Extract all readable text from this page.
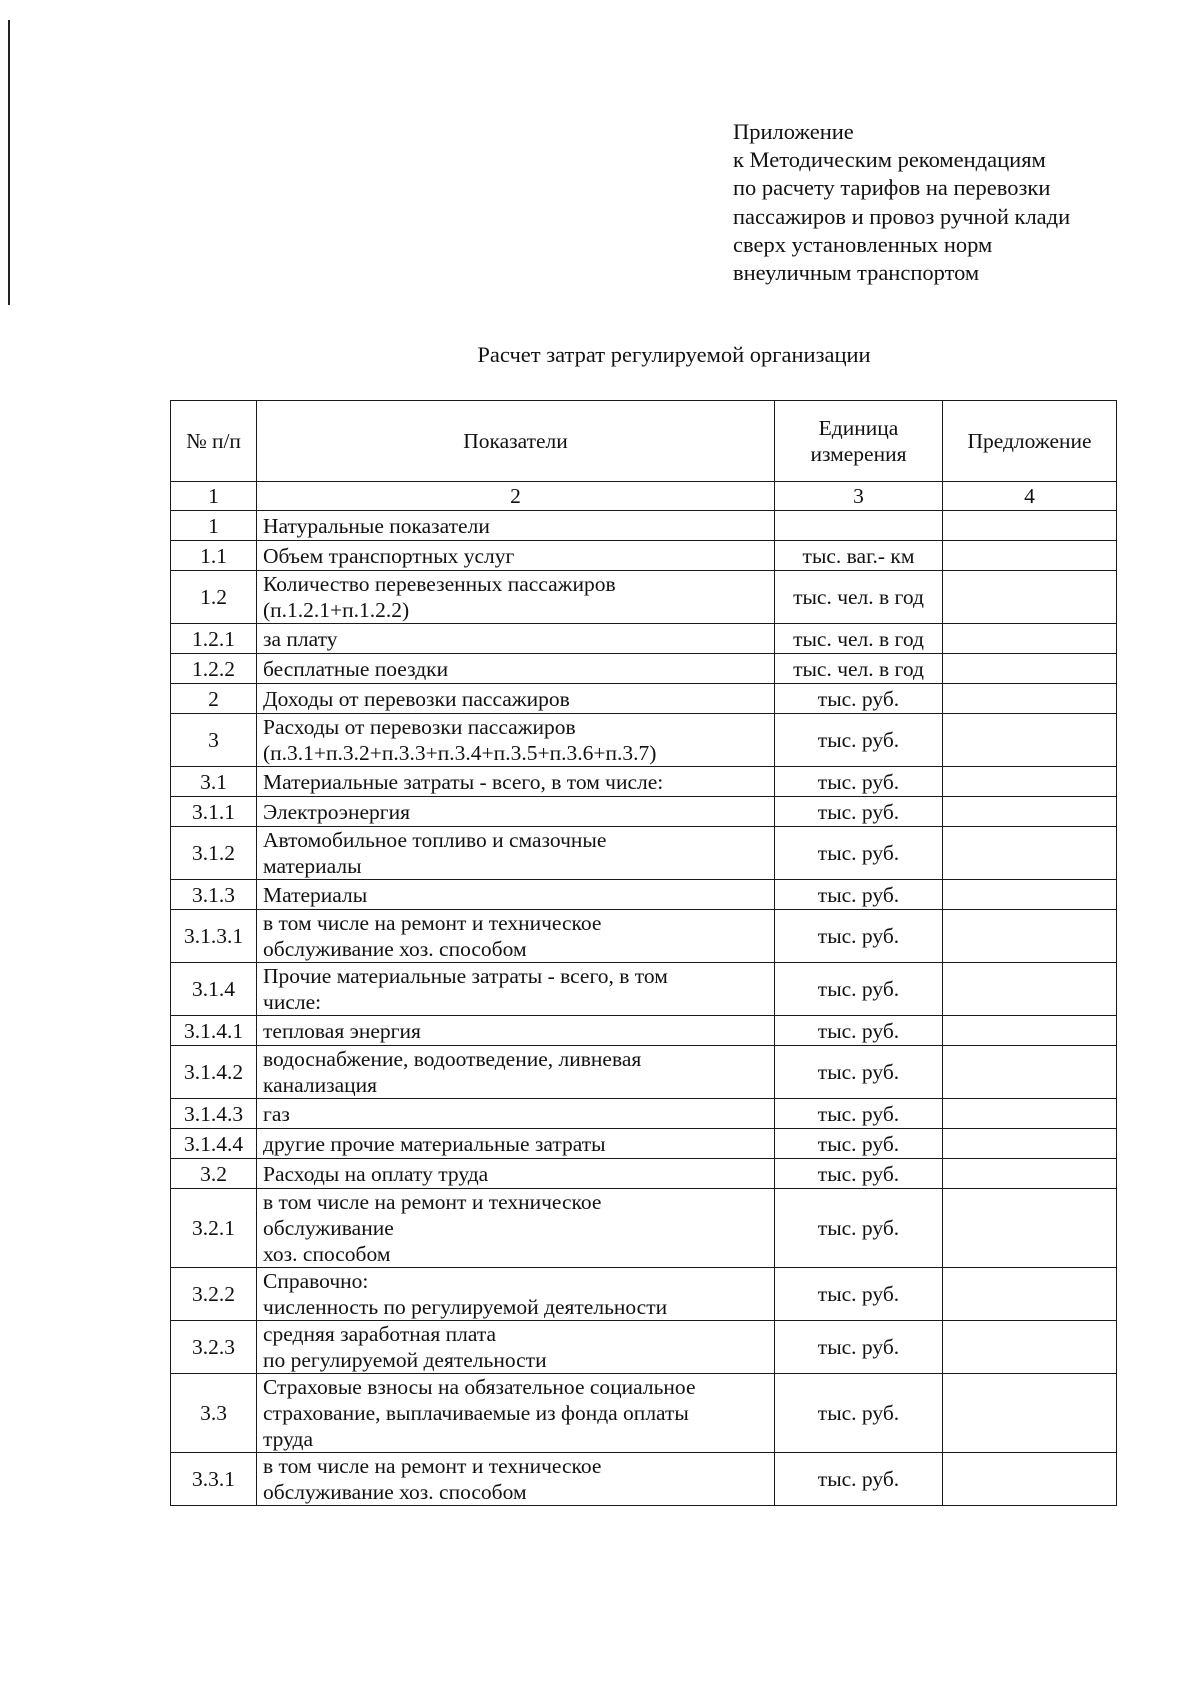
Приложение
к Методическим рекомендациям
по расчету тарифов на перевозки
пассажиров и провоз ручной клади
сверх установленных норм
внеуличным транспортом
Расчет затрат регулируемой организации
№ п/п	Показатели	Единица
измерения	Предложение
1	2	3	4
1	Натуральные показатели		
1.1	Объем транспортных услуг	тыс. ваг.- км	
1.2	Количество перевезенных пассажиров
(п.1.2.1+п.1.2.2)	тыс. чел. в год	
1.2.1	за плату	тыс. чел. в год	
1.2.2	бесплатные поездки	тыс. чел. в год	
2	Доходы от перевозки пассажиров	тыс. руб.	
3	Расходы от перевозки пассажиров
(п.3.1+п.3.2+п.3.3+п.3.4+п.3.5+п.3.6+п.3.7)	тыс. руб.	
3.1	Материальные затраты - всего, в том числе:	тыс. руб.	
3.1.1	Электроэнергия	тыс. руб.	
3.1.2	Автомобильное топливо и смазочные
материалы	тыс. руб.	
3.1.3	Материалы	тыс. руб.	
3.1.3.1	в том числе на ремонт и техническое
обслуживание хоз. способом	тыс. руб.	
3.1.4	Прочие материальные затраты - всего, в том
числе:	тыс. руб.	
3.1.4.1	тепловая энергия	тыс. руб.	
3.1.4.2	водоснабжение, водоотведение, ливневая
канализация	тыс. руб.	
3.1.4.3	газ	тыс. руб.	
3.1.4.4	другие прочие материальные затраты	тыс. руб.	
3.2	Расходы на оплату труда	тыс. руб.	
3.2.1	в том числе на ремонт и техническое
обслуживание
хоз. способом	тыс. руб.	
3.2.2	Справочно:
численность по регулируемой деятельности	тыс. руб.	
3.2.3	средняя заработная плата
по регулируемой деятельности	тыс. руб.	
3.3	Страховые взносы на обязательное социальное
страхование, выплачиваемые из фонда оплаты
труда	тыс. руб.	
3.3.1	в том числе на ремонт и техническое
обслуживание хоз. способом	тыс. руб.	
